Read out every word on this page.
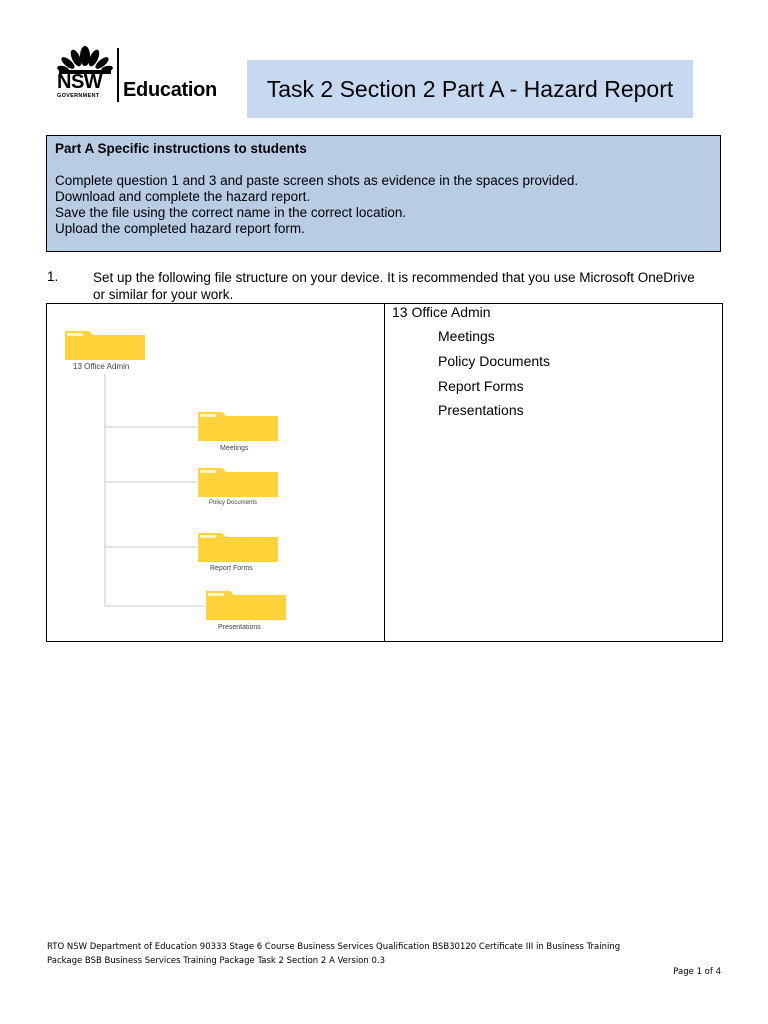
NSW
GOVERNMENT Education Task 2 Section 2 Part A - Hazard Report
Part A Specific instructions to students
Complete question 1 and 3 and paste screen shots as evidence in the spaces provided.
Download and complete the hazard report.
Save the file using the correct name in the correct location.
Upload the completed hazard report form.
1.	Set up the following file structure on your device. It is recommended that you use Microsoft OneDrive or similar for your work.
13 Office Admin
Meetings
Policy Documents
Report Forms
Presentations
13 Office Admin
Meetings
Policy Documents
Report Forms
Presentations
RTO NSW Department of Education 90333 Stage 6 Course Business Services Qualification BSB30120 Certificate III in Business Training
Package BSB Business Services Training Package Task 2 Section 2 A Version 0.3
Page 1 of 4
